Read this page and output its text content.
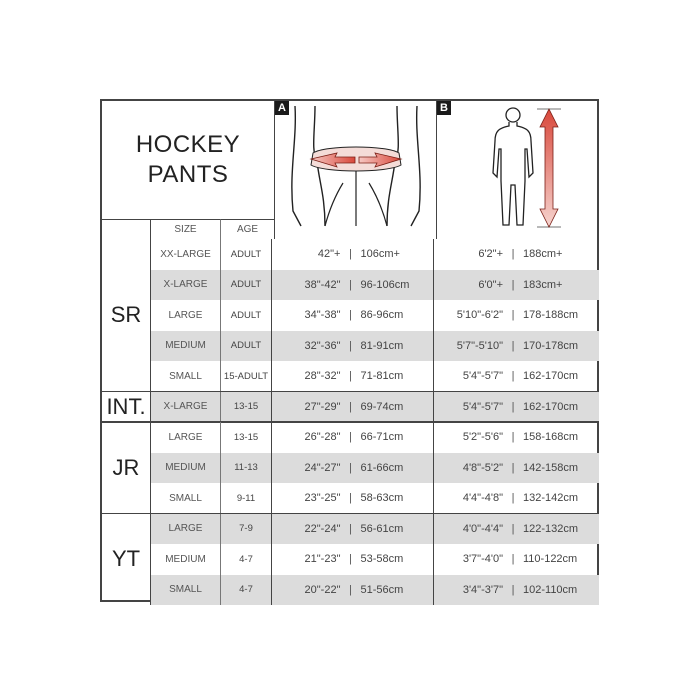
HOCKEY
PANTS
A	B
SIZE	AGE
SR
XX-LARGE	ADULT	42"+ | 106cm+	6'2"+ | 188cm+
X-LARGE	ADULT	38"-42" | 96-106cm	6'0"+ | 183cm+
LARGE	ADULT	34"-38" | 86-96cm	5'10"-6'2" | 178-188cm
MEDIUM	ADULT	32"-36" | 81-91cm	5'7"-5'10" | 170-178cm
SMALL	15-ADULT	28"-32" | 71-81cm	5'4"-5'7" | 162-170cm
INT.	X-LARGE	13-15	27"-29" | 69-74cm	5'4"-5'7" | 162-170cm
JR
LARGE	13-15	26"-28" | 66-71cm	5'2"-5'6" | 158-168cm
MEDIUM	11-13	24"-27" | 61-66cm	4'8"-5'2" | 142-158cm
SMALL	9-11	23"-25" | 58-63cm	4'4"-4'8" | 132-142cm
YT
LARGE	7-9	22"-24" | 56-61cm	4'0"-4'4" | 122-132cm
MEDIUM	4-7	21"-23" | 53-58cm	3'7"-4'0" | 110-122cm
SMALL	4-7	20"-22" | 51-56cm	3'4"-3'7" | 102-110cm
